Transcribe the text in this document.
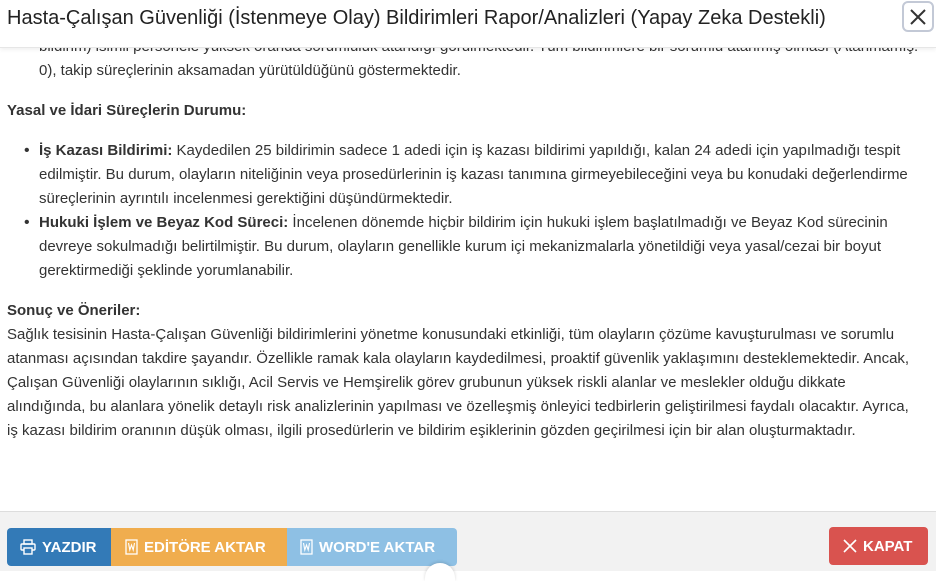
Hasta-Çalışan Güvenliği (İstenmeye Olay) Bildirimleri Rapor/Analizleri (Yapay Zeka Destekli)
• 0), takip süreçlerinin aksamadan yürütüldüğünü göstermektedir.

Yasal ve İdari Süreçlerin Durumu:

• İş Kazası Bildirimi: Kaydedilen 25 bildirimin sadece 1 adedi için iş kazası bildirimi yapıldığı, kalan 24 adedi için yapılmadığı tespit edilmiştir. Bu durum, olayların niteliğinin veya prosedürlerinin iş kazası tanımına girmeyebileceğini veya bu konudaki değerlendirme süreçlerinin ayrıntılı incelenmesi gerektiğini düşündürmektedir.
• Hukuki İşlem ve Beyaz Kod Süreci: İncelenen dönemde hiçbir bildirim için hukuki işlem başlatılmadığı ve Beyaz Kod sürecinin devreye sokulmadığı belirtilmiştir. Bu durum, olayların genellikle kurum içi mekanizmalarla yönetildiği veya yasal/cezai bir boyut gerektirmediği şeklinde yorumlanabilir.

Sonuç ve Öneriler:

Sağlık tesisinin Hasta-Çalışan Güvenliği bildirimlerini yönetme konusundaki etkinliği, tüm olayların çözüme kavuşturulması ve sorumlu atanması açısından takdire şayandır. Özellikle ramak kala olayların kaydedilmesi, proaktif güvenlik yaklaşımını desteklemektedir. Ancak, Çalışan Güvenliği olaylarının sıklığı, Acil Servis ve Hemşirelik görev grubunun yüksek riskli alanlar ve meslekler olduğu dikkate alındığında, bu alanlara yönelik detaylı risk analizlerinin yapılması ve özelleşmiş önleyici tedbirlerin geliştirilmesi faydalı olacaktır. Ayrıca, iş kazası bildirim oranının düşük olması, ilgili prosedürlerin ve bildirim eşiklerinin gözden geçirilmesi için bir alan oluşturmaktadır.

YAZDIR	EDİTÖRE AKTAR	WORD'E AKTAR	KAPAT
